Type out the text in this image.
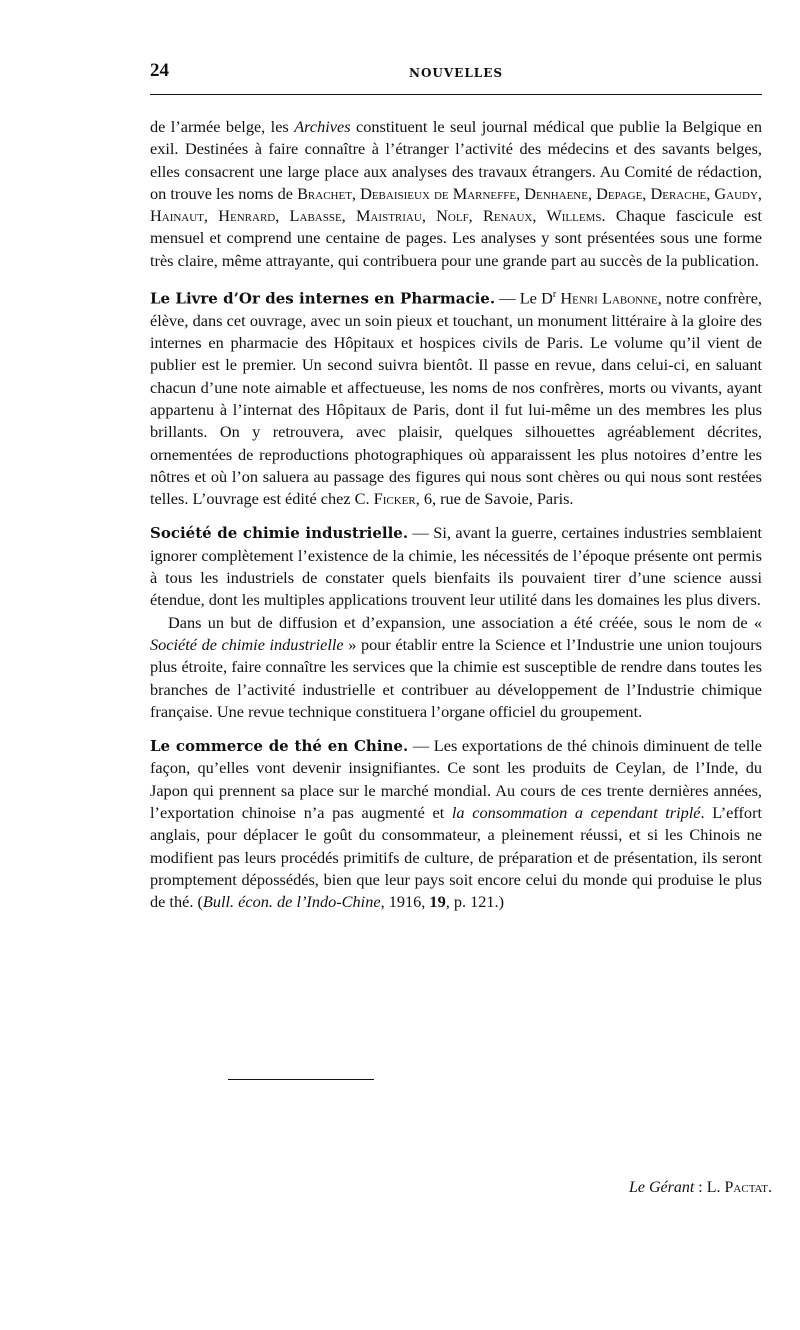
24	NOUVELLES

de l’armée belge, les Archives constituent le seul journal médical que publie la Belgique en exil. Destinées à faire connaître à l’étranger l’activité des médecins et des savants belges, elles consacrent une large place aux analyses des travaux étrangers. Au Comité de rédaction, on trouve les noms de Brachet, Debaisieux de Marneffe, Denhaene, Depage, Derache, Gaudy, Hainaut, Henrard, Labasse, Maistriau, Nolf, Renaux, Willems. Chaque fascicule est mensuel et comprend une centaine de pages. Les analyses y sont présentées sous une forme très claire, même attrayante, qui contribuera pour une grande part au succès de la publication.

Le Livre d’Or des internes en Pharmacie. — Le $D^r$ Henri Labonne, notre confrère, élève, dans cet ouvrage, avec un soin pieux et touchant, un monument littéraire à la gloire des internes en pharmacie des Hôpitaux et hospices civils de Paris. Le volume qu’il vient de publier est le premier. Un second suivra bientôt. Il passe en revue, dans celui-ci, en saluant chacun d’une note aimable et affectueuse, les noms de nos confrères, morts ou vivants, ayant appartenu à l’internat des Hôpitaux de Paris, dont il fut lui-même un des membres les plus brillants. On y retrouvera, avec plaisir, quelques silhouettes agréablement décrites, ornementées de reproductions photographiques où apparaissent les plus notoires d’entre les nôtres et où l’on saluera au passage des figures qui nous sont chères ou qui nous sont restées telles. L’ouvrage est édité chez C. Ficker, 6, rue de Savoie, Paris.

Société de chimie industrielle. — Si, avant la guerre, certaines industries semblaient ignorer complètement l’existence de la chimie, les nécessités de l’époque présente ont permis à tous les industriels de constater quels bienfaits ils pouvaient tirer d’une science aussi étendue, dont les multiples applications trouvent leur utilité dans les domaines les plus divers.

Dans un but de diffusion et d’expansion, une association a été créée, sous le nom de « Société de chimie industrielle » pour établir entre la Science et l’Industrie une union toujours plus étroite, faire connaître les services que la chimie est susceptible de rendre dans toutes les branches de l’activité industrielle et contribuer au développement de l’Industrie chimique française. Une revue technique constituera l’organe officiel du groupement.

Le commerce de thé en Chine. — Les exportations de thé chinois diminuent de telle façon, qu’elles vont devenir insignifiantes. Ce sont les produits de Ceylan, de l’Inde, du Japon qui prennent sa place sur le marché mondial. Au cours de ces trente dernières années, l’exportation chinoise n’a pas augmenté et la consommation a cependant triplé. L’effort anglais, pour déplacer le goût du consommateur, a pleinement réussi, et si les Chinois ne modifient pas leurs procédés primitifs de culture, de préparation et de présentation, ils seront promptement dépossédés, bien que leur pays soit encore celui du monde qui produise le plus de thé. (Bull. écon. de l’Indo-Chine, 1916, 19, p. 121.)

Le Gérant : L. Pactat.
